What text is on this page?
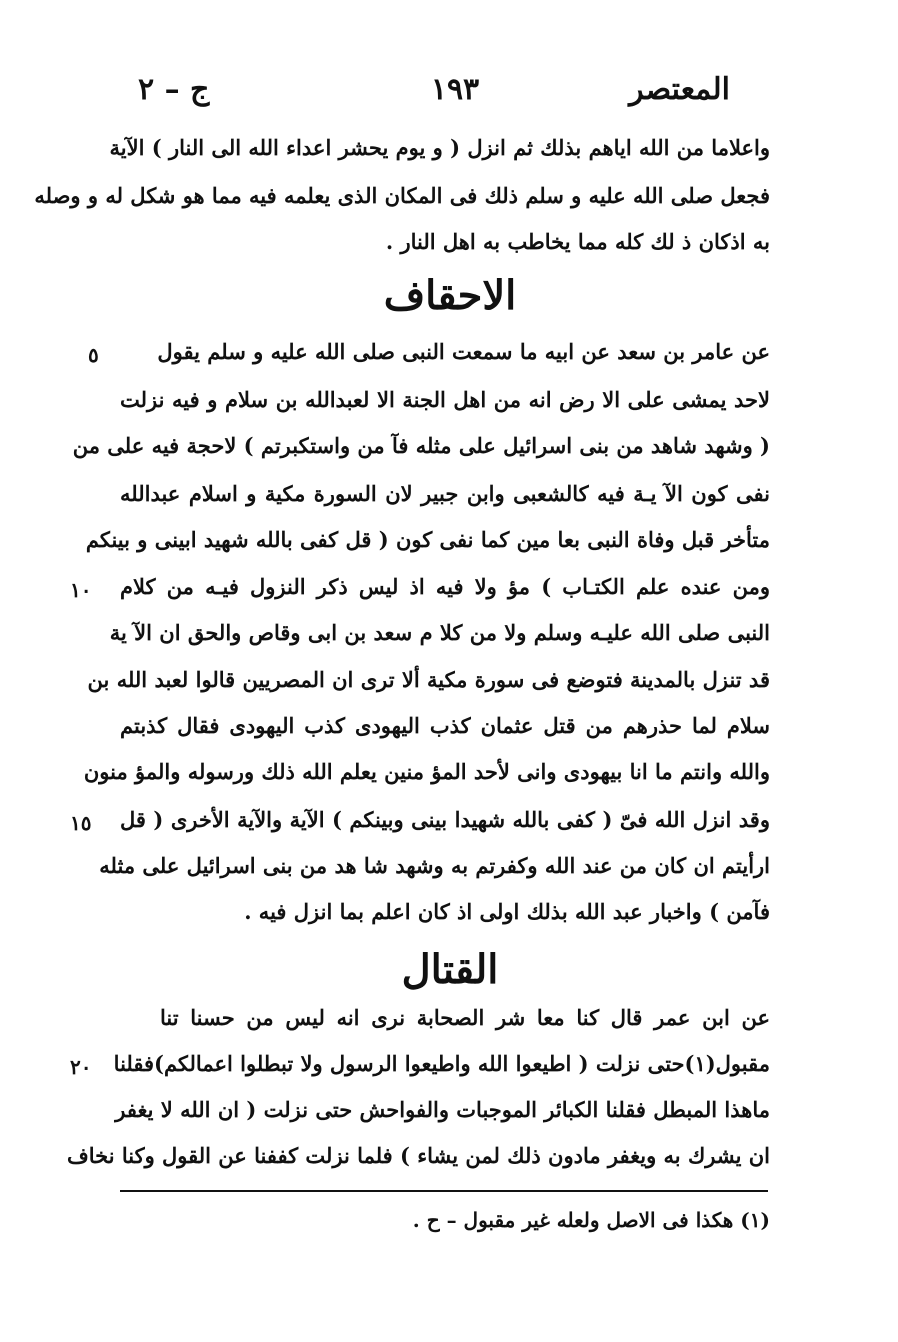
ج – ٢	١٩٣	المعتصر
واعلاما من الله اياهم بذلك ثم انزل ( و يوم يحشر اعداء الله الى النار ) الآية
فجعل صلى الله عليه و سلم ذلك فى المكان الذى يعلمه فيه مما هو شكل له و وصله
به اذكان ذ لك كله مما يخاطب به اهل النار .
الاحقاف
عن عامر بن سعد عن ابيه ما سمعت النبى صلى الله عليه و سلم يقول
لاحد يمشى على الا رض انه من اهل الجنة الا لعبدالله بن سلام و فيه نزلت
( وشهد شاهد من بنى اسرائيل على مثله فآ من واستكبرتم ) لاحجة فيه على من
نفى كون الآ يـة فيه كالشعبى وابن جبير لان السورة مكية و اسلام عبدالله
متأخر قبل وفاة النبى بعا مين كما نفى كون ( قل كفى بالله شهيد ابينى و بينكم
ومن عنده علم الكتـاب ) مؤ ولا فيه اذ ليس ذكر النزول فيـه من كلام
النبى صلى الله عليـه وسلم ولا من كلا م سعد بن ابى وقاص والحق ان الآ ية
قد تنزل بالمدينة فتوضع فى سورة مكية ألا ترى ان المصريين قالوا لعبد الله بن
سلام لما حذرهم من قتل عثمان كذب اليهودى كذب اليهودى فقال كذبتم
والله وانتم ما انا بيهودى وانى لأحد المؤ منين يعلم الله ذلك ورسوله والمؤ منون
وقد انزل الله فىّ ( كفى بالله شهيدا بينى وبينكم ) الآية والآية الأخرى ( قل
ارأيتم ان كان من عند الله وكفرتم به وشهد شا هد من بنى اسرائيل على مثله
فآمن ) واخبار عبد الله بذلك اولى اذ كان اعلم بما انزل فيه .
القتال
عن ابن عمر قال كنا معا شر الصحابة نرى انه ليس من حسنا تنا
مقبول(١)حتى نزلت ( اطيعوا الله واطيعوا الرسول ولا تبطلوا اعمالكم)فقلنا
ماهذا المبطل فقلنا الكبائر الموجبات والفواحش حتى نزلت ( ان الله لا يغفر
ان يشرك به ويغفر مادون ذلك لمن يشاء ) فلما نزلت كففنا عن القول وكنا نخاف
٥
١٠
١٥
٢٠
(١) هكذا فى الاصل ولعله غير مقبول – ح .
